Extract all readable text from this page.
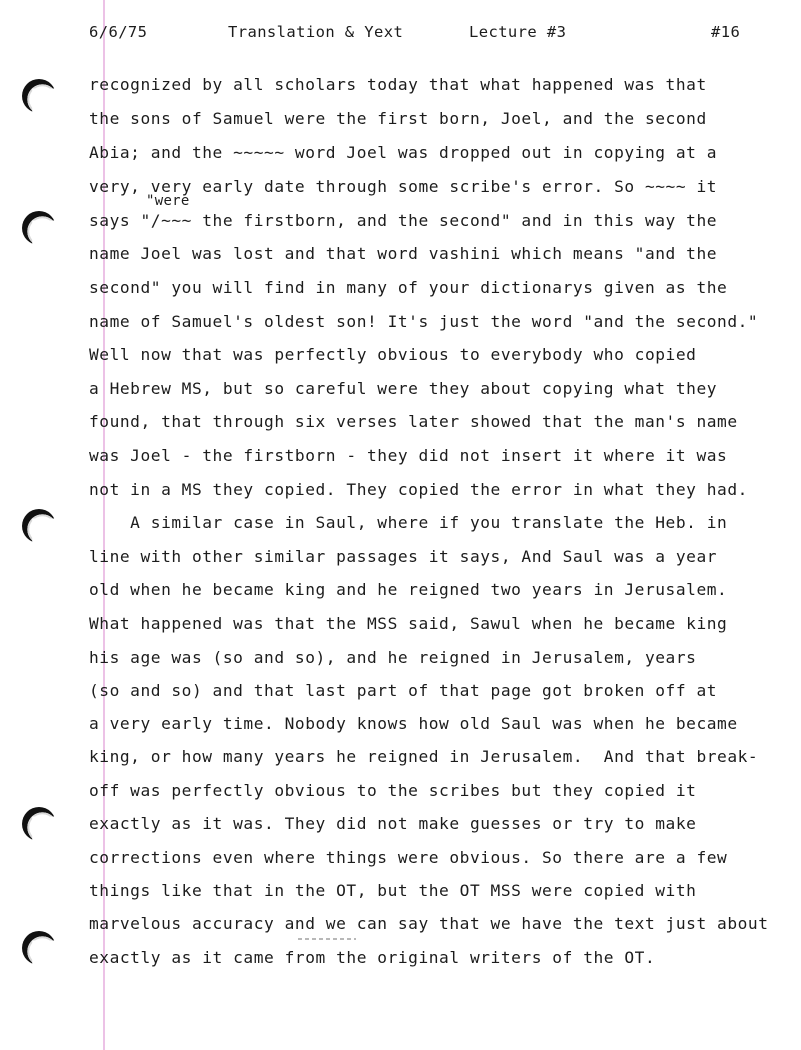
6/6/75	Translation & Yext	Lecture #3	#16
"were
recognized by all scholars today that what happened was that
the sons of Samuel were the first born, Joel, and the second
Abia; and the ~~~~~ word Joel was dropped out in copying at a
very, very early date through some scribe's error. So ~~~~ it
says "/~~~ the firstborn, and the second" and in this way the
name Joel was lost and that word vashini which means "and the
second" you will find in many of your dictionarys given as the
name of Samuel's oldest son! It's just the word "and the second."
Well now that was perfectly obvious to everybody who copied
a Hebrew MS, but so careful were they about copying what they
found, that through six verses later showed that the man's name
was Joel - the firstborn - they did not insert it where it was
not in a MS they copied. They copied the error in what they had.
A similar case in Saul, where if you translate the Heb. in
line with other similar passages it says, And Saul was a year
old when he became king and he reigned two years in Jerusalem.
What happened was that the MSS said, Sawul when he became king
his age was (so and so), and he reigned in Jerusalem, years
(so and so) and that last part of that page got broken off at
a very early time. Nobody knows how old Saul was when he became
king, or how many years he reigned in Jerusalem.  And that break-
off was perfectly obvious to the scribes but they copied it
exactly as it was. They did not make guesses or try to make
corrections even where things were obvious. So there are a few
things like that in the OT, but the OT MSS were copied with
marvelous accuracy and we can say that we have the text just about
exactly as it came from the original writers of the OT.
